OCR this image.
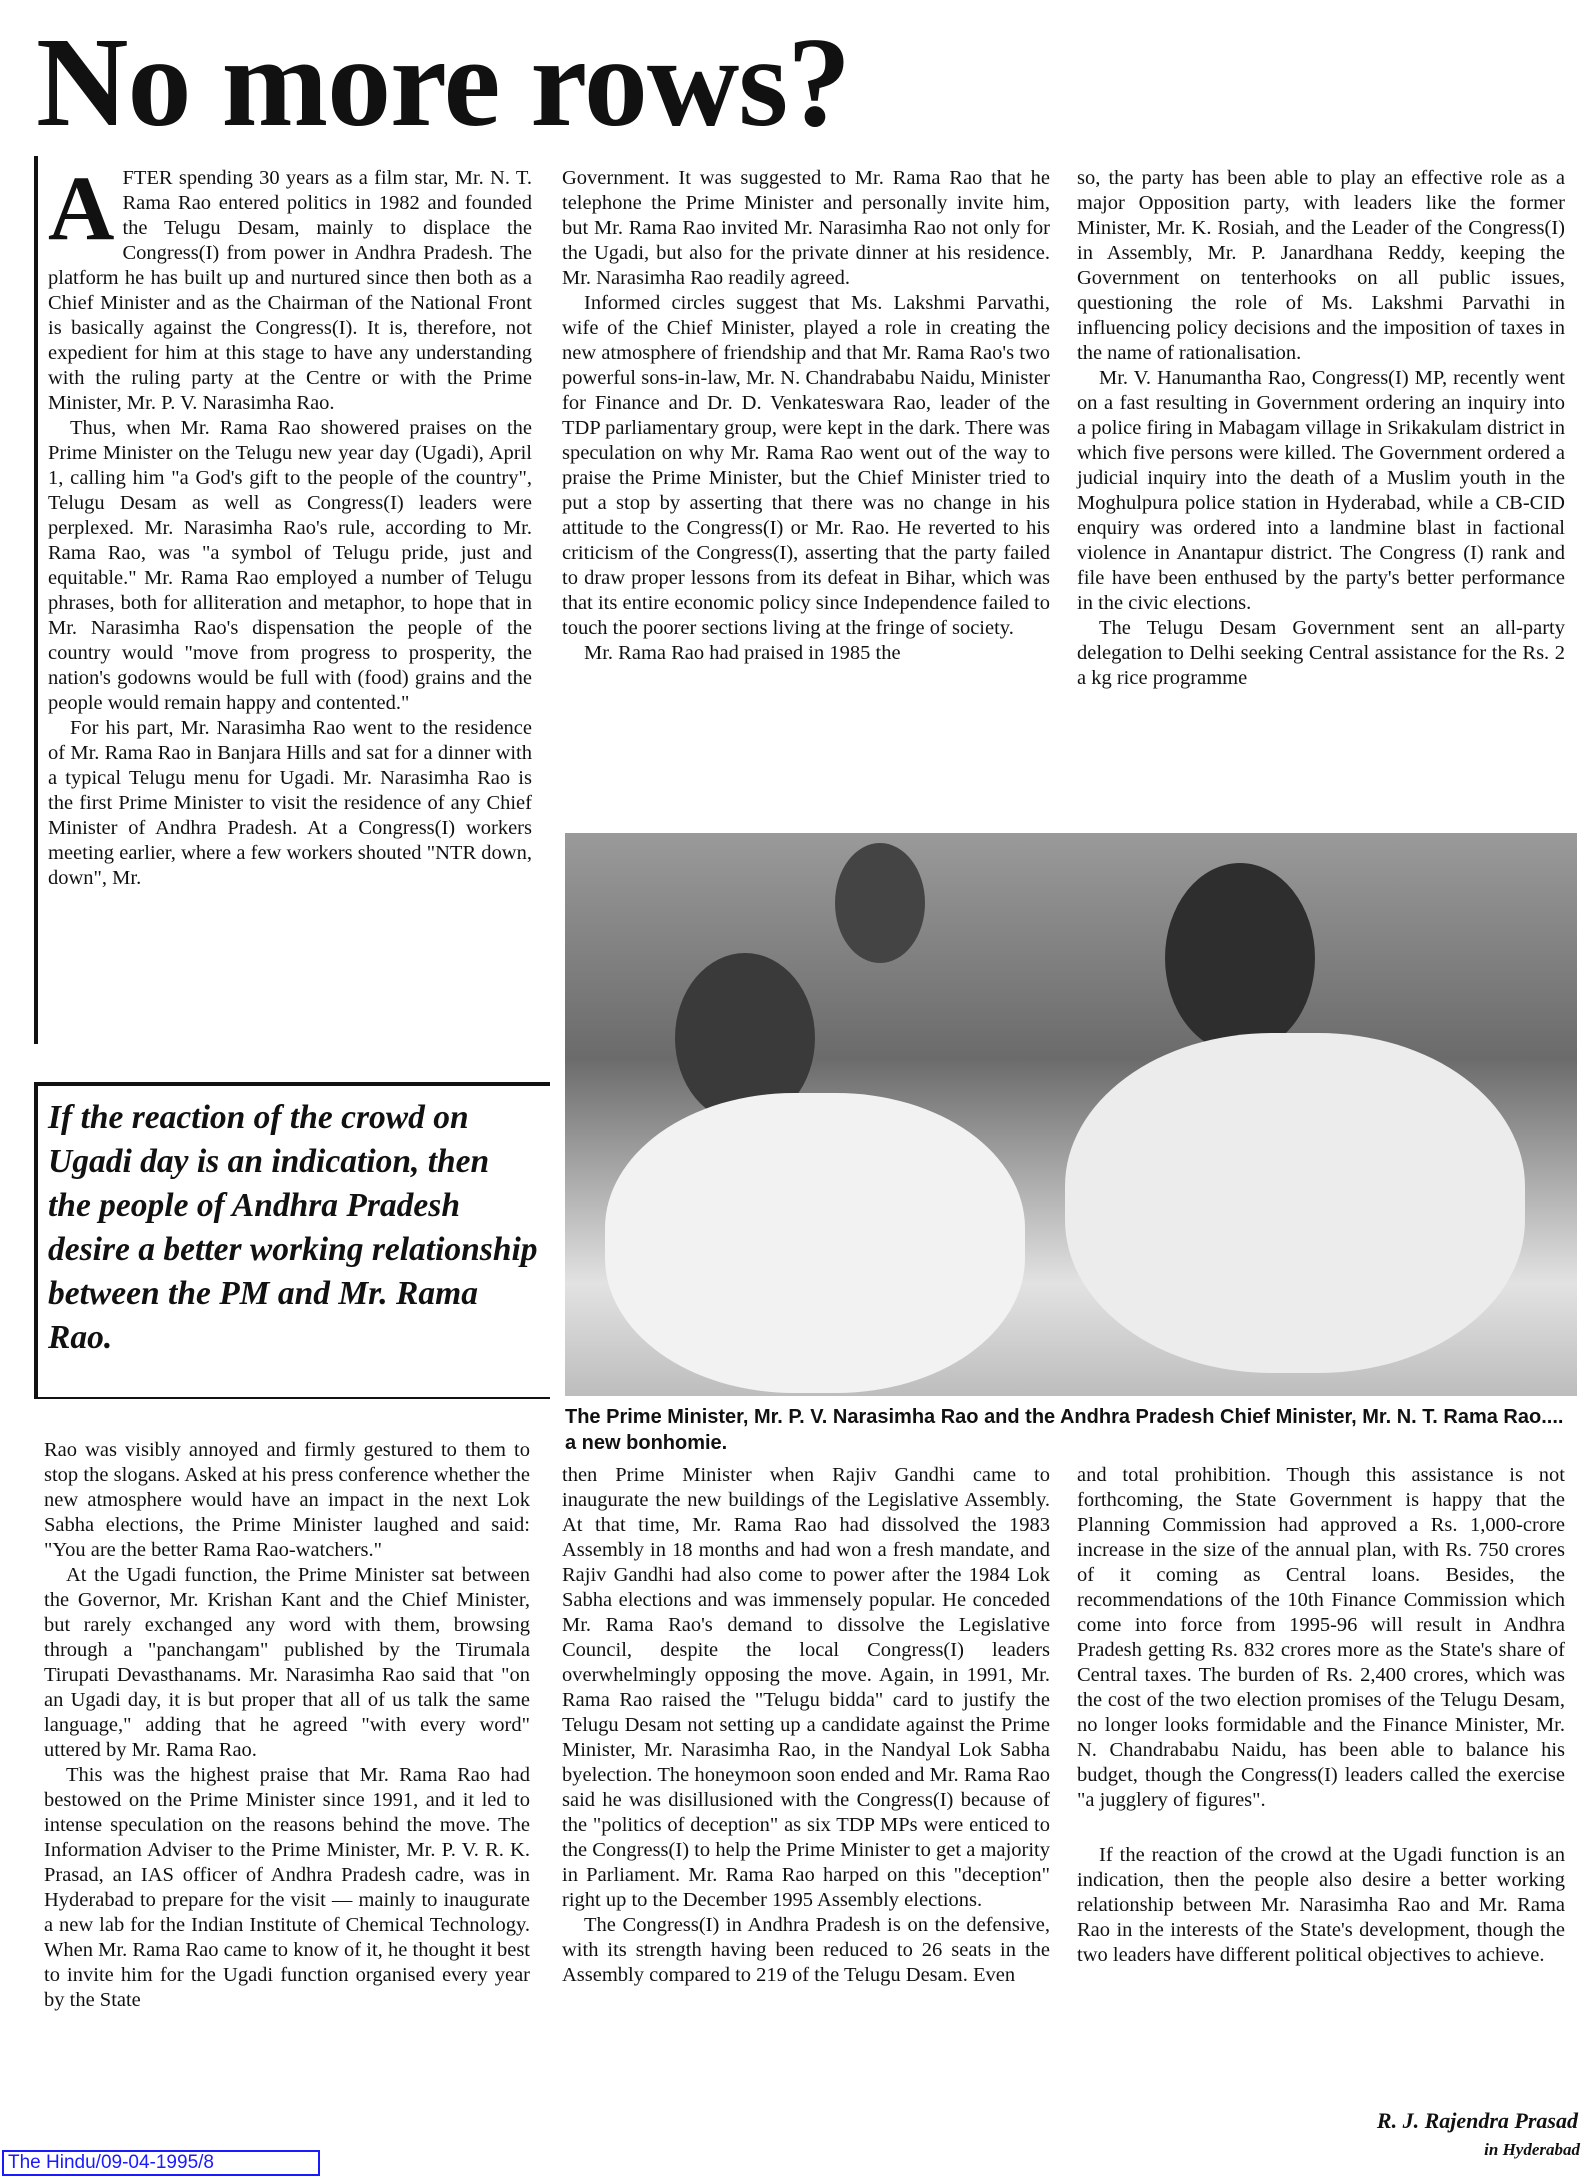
No more rows?

AFTER spending 30 years as a film star, Mr. N. T. Rama Rao entered politics in 1982 and founded the Telugu Desam, mainly to displace the Congress(I) from power in Andhra Pradesh. The platform he has built up and nurtured since then both as a Chief Minister and as the Chairman of the National Front is basically against the Congress(I). It is, therefore, not expedient for him at this stage to have any understanding with the ruling party at the Centre or with the Prime Minister, Mr. P. V. Narasimha Rao.

Thus, when Mr. Rama Rao showered praises on the Prime Minister on the Telugu new year day (Ugadi), April 1, calling him "a God's gift to the people of the country", Telugu Desam as well as Congress(I) leaders were perplexed. Mr. Narasimha Rao's rule, according to Mr. Rama Rao, was "a symbol of Telugu pride, just and equitable." Mr. Rama Rao employed a number of Telugu phrases, both for alliteration and metaphor, to hope that in Mr. Narasimha Rao's dispensation the people of the country would "move from progress to prosperity, the nation's godowns would be full with (food) grains and the people would remain happy and contented."

For his part, Mr. Narasimha Rao went to the residence of Mr. Rama Rao in Banjara Hills and sat for a dinner with a typical Telugu menu for Ugadi. Mr. Narasimha Rao is the first Prime Minister to visit the residence of any Chief Minister of Andhra Pradesh. At a Congress(I) workers meeting earlier, where a few workers shouted "NTR down, down", Mr.

Government. It was suggested to Mr. Rama Rao that he telephone the Prime Minister and personally invite him, but Mr. Rama Rao invited Mr. Narasimha Rao not only for the Ugadi, but also for the private dinner at his residence. Mr. Narasimha Rao readily agreed.

Informed circles suggest that Ms. Lakshmi Parvathi, wife of the Chief Minister, played a role in creating the new atmosphere of friendship and that Mr. Rama Rao's two powerful sons-in-law, Mr. N. Chandrababu Naidu, Minister for Finance and Dr. D. Venkateswara Rao, leader of the TDP parliamentary group, were kept in the dark. There was speculation on why Mr. Rama Rao went out of the way to praise the Prime Minister, but the Chief Minister tried to put a stop by asserting that there was no change in his attitude to the Congress(I) or Mr. Rao. He reverted to his criticism of the Congress(I), asserting that the party failed to draw proper lessons from its defeat in Bihar, which was that its entire economic policy since Independence failed to touch the poorer sections living at the fringe of society.

Mr. Rama Rao had praised in 1985 the

so, the party has been able to play an effective role as a major Opposition party, with leaders like the former Minister, Mr. K. Rosiah, and the Leader of the Congress(I) in Assembly, Mr. P. Janardhana Reddy, keeping the Government on tenterhooks on all public issues, questioning the role of Ms. Lakshmi Parvathi in influencing policy decisions and the imposition of taxes in the name of rationalisation.

Mr. V. Hanumantha Rao, Congress(I) MP, recently went on a fast resulting in Government ordering an inquiry into a police firing in Mabagam village in Srikakulam district in which five persons were killed. The Government ordered a judicial inquiry into the death of a Muslim youth in the Moghulpura police station in Hyderabad, while a CB-CID enquiry was ordered into a landmine blast in factional violence in Anantapur district. The Congress (I) rank and file have been enthused by the party's better performance in the civic elections.

The Telugu Desam Government sent an all-party delegation to Delhi seeking Central assistance for the Rs. 2 a kg rice programme

If the reaction of the crowd on Ugadi day is an indication, then the people of Andhra Pradesh desire a better working relationship between the PM and Mr. Rama Rao.

The Prime Minister, Mr. P. V. Narasimha Rao and the Andhra Pradesh Chief Minister, Mr. N. T. Rama Rao.... a new bonhomie.

Rao was visibly annoyed and firmly gestured to them to stop the slogans. Asked at his press conference whether the new atmosphere would have an impact in the next Lok Sabha elections, the Prime Minister laughed and said: "You are the better Rama Rao-watchers."

At the Ugadi function, the Prime Minister sat between the Governor, Mr. Krishan Kant and the Chief Minister, but rarely exchanged any word with them, browsing through a "panchangam" published by the Tirumala Tirupati Devasthanams. Mr. Narasimha Rao said that "on an Ugadi day, it is but proper that all of us talk the same language," adding that he agreed "with every word" uttered by Mr. Rama Rao.

This was the highest praise that Mr. Rama Rao had bestowed on the Prime Minister since 1991, and it led to intense speculation on the reasons behind the move. The Information Adviser to the Prime Minister, Mr. P. V. R. K. Prasad, an IAS officer of Andhra Pradesh cadre, was in Hyderabad to prepare for the visit — mainly to inaugurate a new lab for the Indian Institute of Chemical Technology. When Mr. Rama Rao came to know of it, he thought it best to invite him for the Ugadi function organised every year by the State

then Prime Minister when Rajiv Gandhi came to inaugurate the new buildings of the Legislative Assembly. At that time, Mr. Rama Rao had dissolved the 1983 Assembly in 18 months and had won a fresh mandate, and Rajiv Gandhi had also come to power after the 1984 Lok Sabha elections and was immensely popular. He conceded Mr. Rama Rao's demand to dissolve the Legislative Council, despite the local Congress(I) leaders overwhelmingly opposing the move. Again, in 1991, Mr. Rama Rao raised the "Telugu bidda" card to justify the Telugu Desam not setting up a candidate against the Prime Minister, Mr. Narasimha Rao, in the Nandyal Lok Sabha byelection. The honeymoon soon ended and Mr. Rama Rao said he was disillusioned with the Congress(I) because of the "politics of deception" as six TDP MPs were enticed to the Congress(I) to help the Prime Minister to get a majority in Parliament. Mr. Rama Rao harped on this "deception" right up to the December 1995 Assembly elections.

The Congress(I) in Andhra Pradesh is on the defensive, with its strength having been reduced to 26 seats in the Assembly compared to 219 of the Telugu Desam. Even

and total prohibition. Though this assistance is not forthcoming, the State Government is happy that the Planning Commission had approved a Rs. 1,000-crore increase in the size of the annual plan, with Rs. 750 crores of it coming as Central loans. Besides, the recommendations of the 10th Finance Commission which come into force from 1995-96 will result in Andhra Pradesh getting Rs. 832 crores more as the State's share of Central taxes. The burden of Rs. 2,400 crores, which was the cost of the two election promises of the Telugu Desam, no longer looks formidable and the Finance Minister, Mr. N. Chandrababu Naidu, has been able to balance his budget, though the Congress(I) leaders called the exercise "a jugglery of figures".

If the reaction of the crowd at the Ugadi function is an indication, then the people also desire a better working relationship between Mr. Narasimha Rao and Mr. Rama Rao in the interests of the State's development, though the two leaders have different political objectives to achieve.

R. J. Rajendra Prasad
in Hyderabad
The Hindu/09-04-1995/8
